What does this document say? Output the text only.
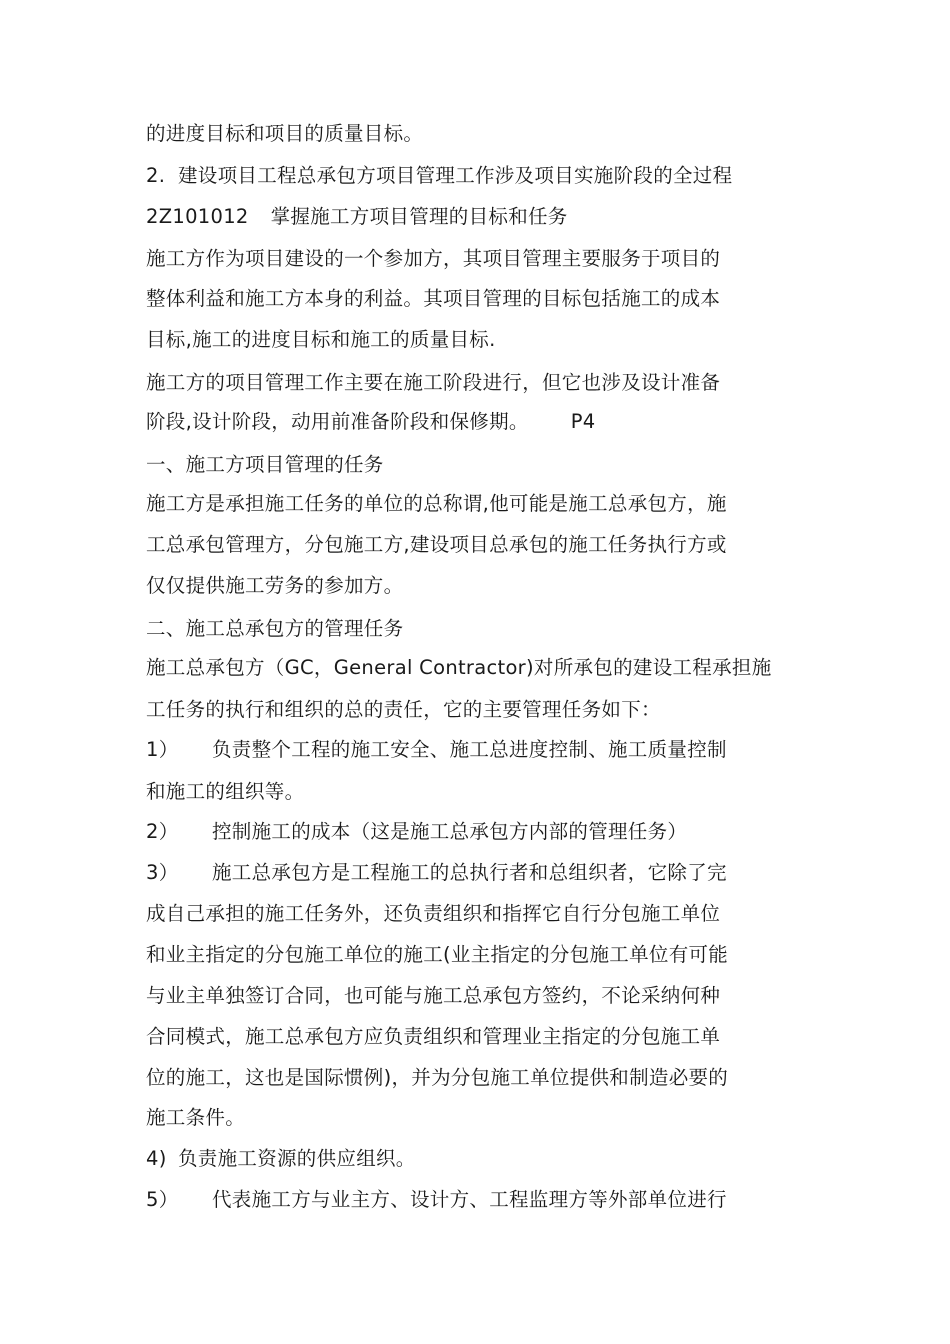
的进度目标和项目的质量目标。
2. 建设项目工程总承包方项目管理工作涉及项目实施阶段的全过程
2Z101012 掌握施工方项目管理的目标和任务
施工方作为项目建设的一个参加方，其项目管理主要服务于项目的
整体利益和施工方本身的利益。其项目管理的目标包括施工的成本
目标,施工的进度目标和施工的质量目标.
施工方的项目管理工作主要在施工阶段进行，但它也涉及设计准备
阶段,设计阶段，动用前准备阶段和保修期。 P4
一、施工方项目管理的任务
施工方是承担施工任务的单位的总称谓,他可能是施工总承包方，施
工总承包管理方，分包施工方,建设项目总承包的施工任务执行方或
仅仅提供施工劳务的参加方。
二、施工总承包方的管理任务
施工总承包方（GC，General Contractor)对所承包的建设工程承担施
工任务的执行和组织的总的责任，它的主要管理任务如下：
1） 负责整个工程的施工安全、施工总进度控制、施工质量控制
和施工的组织等。
2） 控制施工的成本（这是施工总承包方内部的管理任务）
3） 施工总承包方是工程施工的总执行者和总组织者，它除了完
成自己承担的施工任务外，还负责组织和指挥它自行分包施工单位
和业主指定的分包施工单位的施工(业主指定的分包施工单位有可能
与业主单独签订合同，也可能与施工总承包方签约，不论采纳何种
合同模式，施工总承包方应负责组织和管理业主指定的分包施工单
位的施工，这也是国际惯例)，并为分包施工单位提供和制造必要的
施工条件。
4) 负责施工资源的供应组织。
5） 代表施工方与业主方、设计方、工程监理方等外部单位进行
